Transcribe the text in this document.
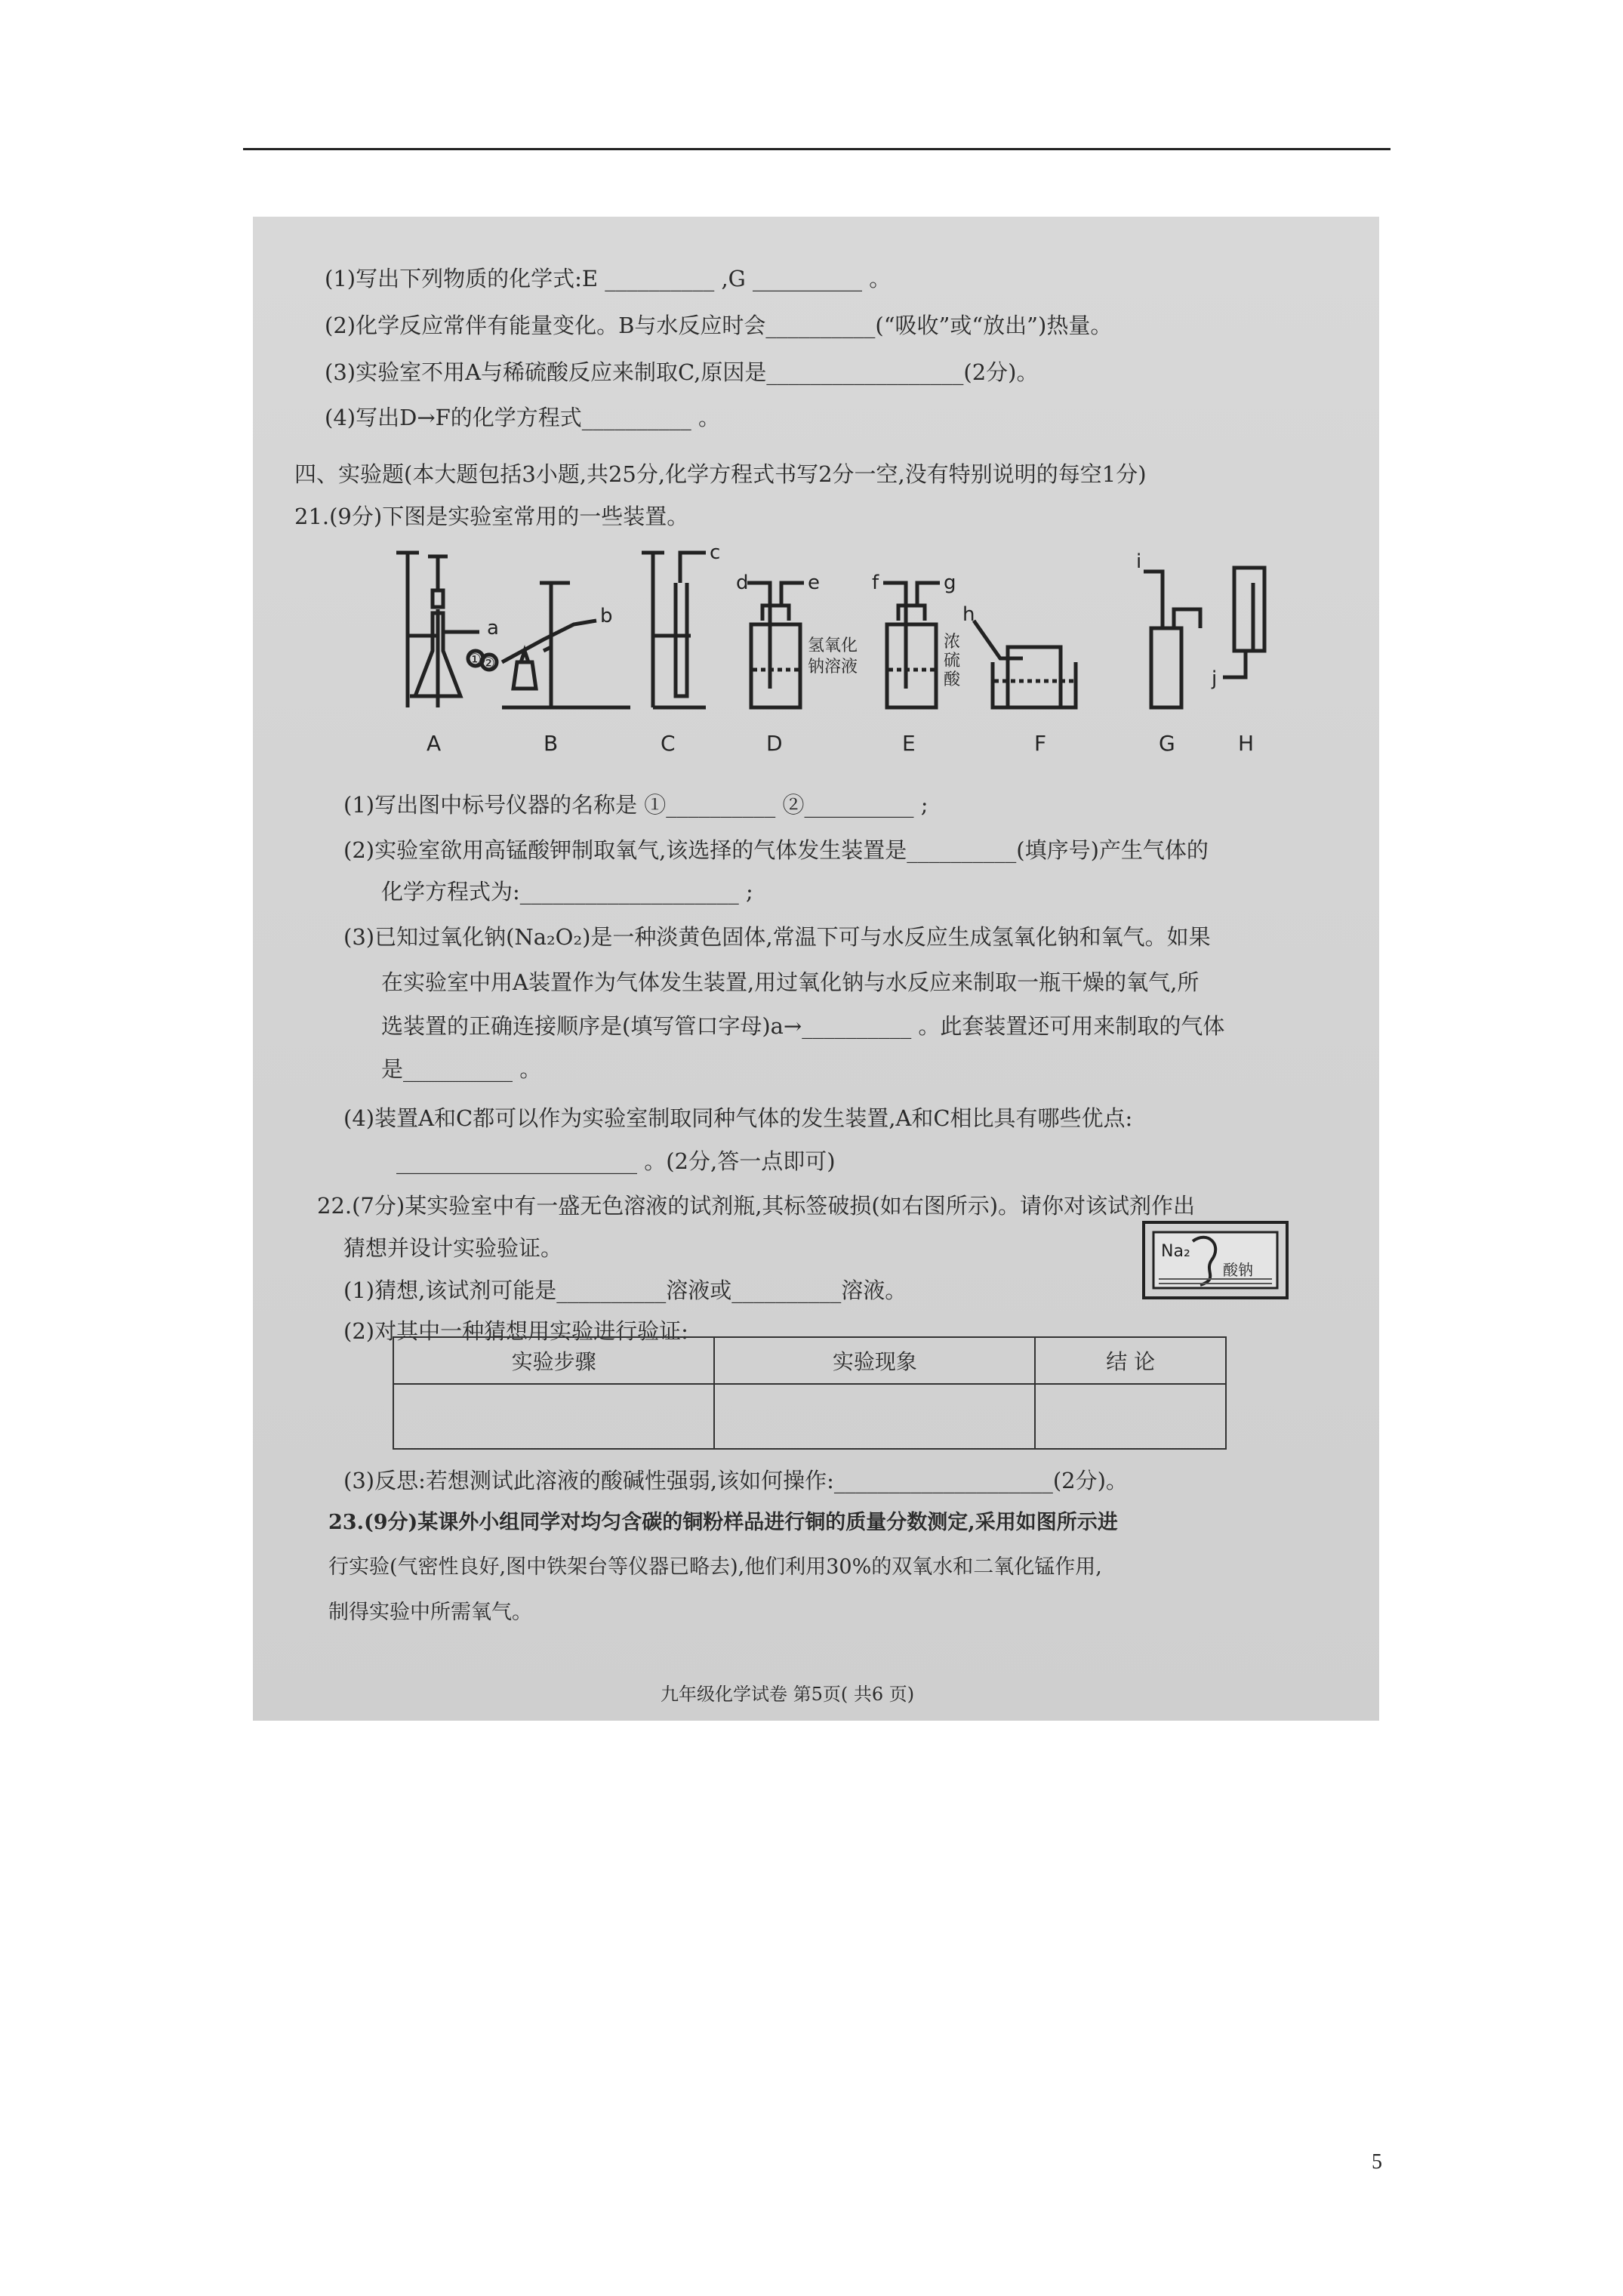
(1)写出下列物质的化学式:E __________ ,G __________ 。
(2)化学反应常伴有能量变化。B与水反应时会__________(“吸收”或“放出”)热量。
(3)实验室不用A与稀硫酸反应来制取C,原因是__________________(2分)。
(4)写出D→F的化学方程式__________ 。
四、实验题(本大题包括3小题,共25分,化学方程式书写2分一空,没有特别说明的每空1分)
21.(9分)下图是实验室常用的一些装置。
a
b
c
d	e	f	g
h
i
j
① ②
氢氧化
钠溶液
浓
硫
酸
A	B	C	D	E	F	G	H
(1)写出图中标号仪器的名称是 ①__________ ②__________ ;
(2)实验室欲用高锰酸钾制取氧气,该选择的气体发生装置是__________(填序号)产生气体的
化学方程式为:____________________ ;
(3)已知过氧化钠(Na₂O₂)是一种淡黄色固体,常温下可与水反应生成氢氧化钠和氧气。如果
在实验室中用A装置作为气体发生装置,用过氧化钠与水反应来制取一瓶干燥的氧气,所
选装置的正确连接顺序是(填写管口字母)a→__________ 。此套装置还可用来制取的气体
是__________ 。
(4)装置A和C都可以作为实验室制取同种气体的发生装置,A和C相比具有哪些优点:
______________________ 。(2分,答一点即可)
22.(7分)某实验室中有一盛无色溶液的试剂瓶,其标签破损(如右图所示)。请你对该试剂作出
猜想并设计实验验证。	Na₂
酸钠
(1)猜想,该试剂可能是__________溶液或__________溶液。
(2)对其中一种猜想用实验进行验证:
实验步骤	实验现象	结 论

(3)反思:若想测试此溶液的酸碱性强弱,该如何操作:____________________(2分)。
23.(9分)某课外小组同学对均匀含碳的铜粉样品进行铜的质量分数测定,采用如图所示进
行实验(气密性良好,图中铁架台等仪器已略去),他们利用30%的双氧水和二氧化锰作用,
制得实验中所需氧气。
九年级化学试卷 第5页( 共6 页)
5
